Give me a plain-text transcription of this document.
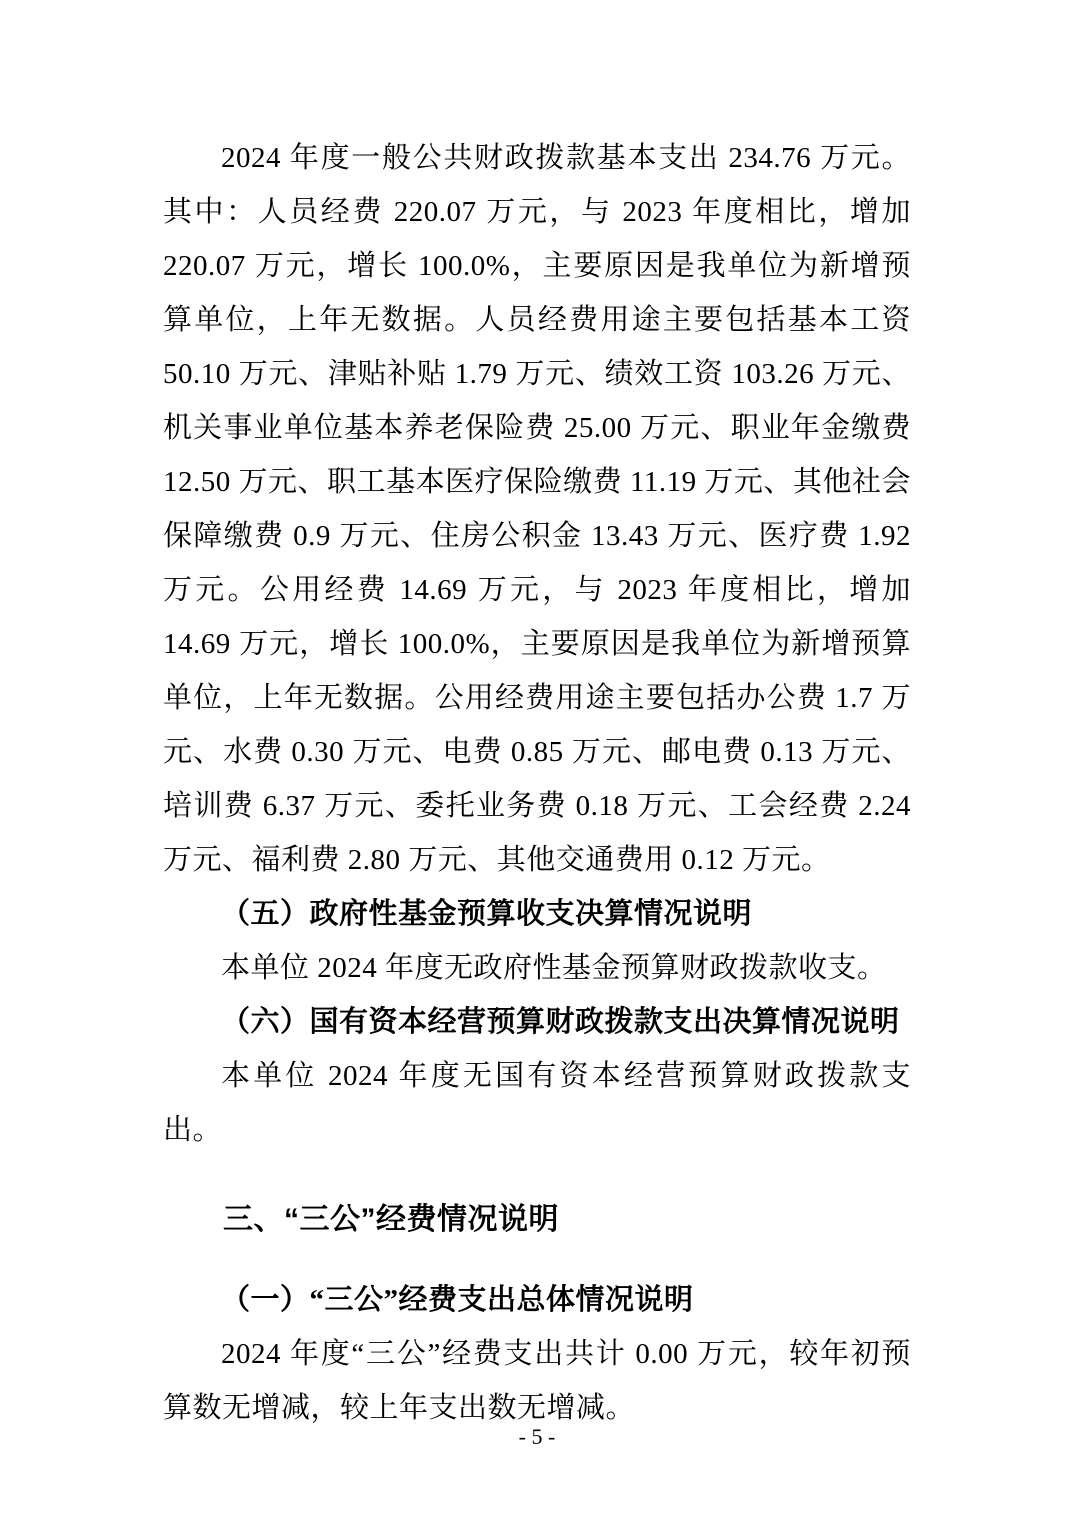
2024 年度一般公共财政拨款基本支出 234.76 万元。其中：人员经费 220.07 万元，与 2023 年度相比，增加 220.07 万元，增长 100.0%，主要原因是我单位为新增预算单位，上年无数据。人员经费用途主要包括基本工资 50.10 万元、津贴补贴 1.79 万元、绩效工资 103.26 万元、机关事业单位基本养老保险费 25.00 万元、职业年金缴费 12.50 万元、职工基本医疗保险缴费 11.19 万元、其他社会保障缴费 0.9 万元、住房公积金 13.43 万元、医疗费 1.92 万元。公用经费 14.69 万元，与 2023 年度相比，增加 14.69 万元，增长 100.0%，主要原因是我单位为新增预算单位，上年无数据。公用经费用途主要包括办公费 1.7 万元、水费 0.30 万元、电费 0.85 万元、邮电费 0.13 万元、培训费 6.37 万元、委托业务费 0.18 万元、工会经费 2.24 万元、福利费 2.80 万元、其他交通费用 0.12 万元。

（五）政府性基金预算收支决算情况说明

本单位 2024 年度无政府性基金预算财政拨款收支。

（六）国有资本经营预算财政拨款支出决算情况说明

本单位 2024 年度无国有资本经营预算财政拨款支出。

三、“三公”经费情况说明

（一）“三公”经费支出总体情况说明

2024 年度“三公”经费支出共计 0.00 万元，较年初预算数无增减，较上年支出数无增减。

- 5 -
